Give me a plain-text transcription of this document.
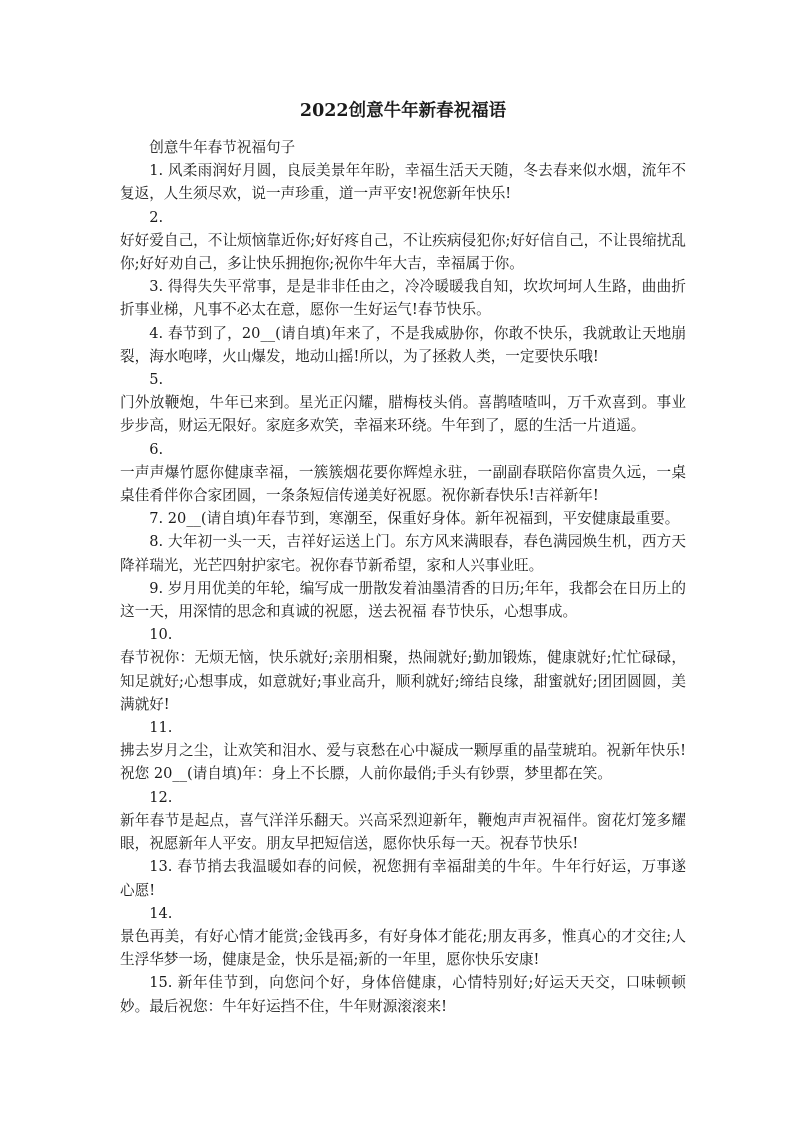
2022创意牛年新春祝福语

创意牛年春节祝福句子

1. 风柔雨润好月圆，良辰美景年年盼，幸福生活天天随，冬去春来似水烟，流年不复返，人生须尽欢，说一声珍重，道一声平安!祝您新年快乐!

2.

好好爱自己，不让烦恼靠近你;好好疼自己，不让疾病侵犯你;好好信自己，不让畏缩扰乱你;好好劝自己，多让快乐拥抱你;祝你牛年大吉，幸福属于你。

3. 得得失失平常事，是是非非任由之，冷冷暖暖我自知，坎坎坷坷人生路，曲曲折折事业梯，凡事不必太在意，愿你一生好运气!春节快乐。

4. 春节到了，20__(请自填)年来了，不是我威胁你，你敢不快乐，我就敢让天地崩裂，海水咆哮，火山爆发，地动山摇!所以，为了拯救人类，一定要快乐哦!

5.

门外放鞭炮，牛年已来到。星光正闪耀，腊梅枝头俏。喜鹊喳喳叫，万千欢喜到。事业步步高，财运无限好。家庭多欢笑，幸福来环绕。牛年到了，愿的生活一片逍遥。

6.

一声声爆竹愿你健康幸福，一簇簇烟花要你辉煌永驻，一副副春联陪你富贵久远，一桌桌佳肴伴你合家团圆，一条条短信传递美好祝愿。祝你新春快乐!吉祥新年!

7. 20__(请自填)年春节到，寒潮至，保重好身体。新年祝福到，平安健康最重要。

8. 大年初一头一天，吉祥好运送上门。东方风来满眼春，春色满园焕生机，西方天降祥瑞光，光芒四射护家宅。祝你春节新希望，家和人兴事业旺。

9. 岁月用优美的年轮，编写成一册散发着油墨清香的日历;年年，我都会在日历上的这一天，用深情的思念和真诚的祝愿，送去祝福 春节快乐，心想事成。

10.

春节祝你：无烦无恼，快乐就好;亲朋相聚，热闹就好;勤加锻炼，健康就好;忙忙碌碌，知足就好;心想事成，如意就好;事业高升，顺利就好;缔结良缘，甜蜜就好;团团圆圆，美满就好!

11.

拂去岁月之尘，让欢笑和泪水、爱与哀愁在心中凝成一颗厚重的晶莹琥珀。祝新年快乐!祝您 20__(请自填)年：身上不长膘，人前你最俏;手头有钞票，梦里都在笑。

12.

新年春节是起点，喜气洋洋乐翻天。兴高采烈迎新年，鞭炮声声祝福伴。窗花灯笼多耀眼，祝愿新年人平安。朋友早把短信送，愿你快乐每一天。祝春节快乐!

13. 春节捎去我温暖如春的问候，祝您拥有幸福甜美的牛年。牛年行好运，万事遂心愿!

14.

景色再美，有好心情才能赏;金钱再多，有好身体才能花;朋友再多，惟真心的才交往;人生浮华梦一场，健康是金，快乐是福;新的一年里，愿你快乐安康!

15. 新年佳节到，向您问个好，身体倍健康，心情特别好;好运天天交，口味顿顿妙。最后祝您：牛年好运挡不住，牛年财源滚滚来!
